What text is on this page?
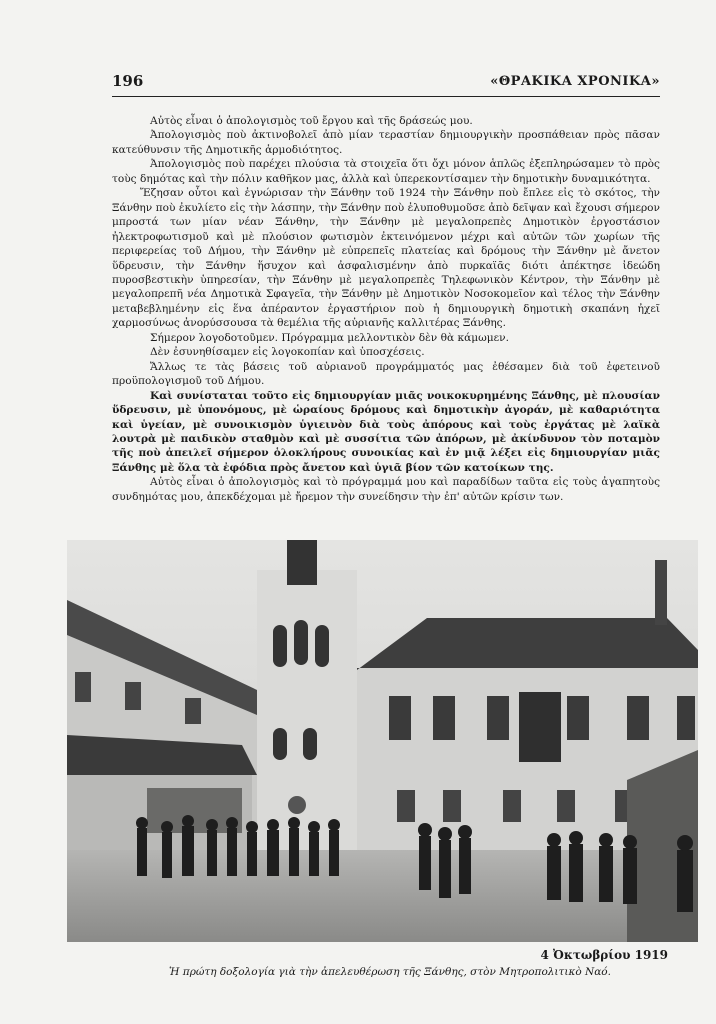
196	«ΘΡΑΚΙΚΑ ΧΡΟΝΙΚΑ»

Αὐτὸς εἶναι ὁ ἀπολογισμὸς τοῦ ἔργου καὶ τῆς δράσεώς μου.

Ἀπολογισμὸς ποὺ ἀκτινοβολεῖ ἀπὸ μίαν τεραστίαν δημιουργικὴν προσπάθειαν πρὸς πᾶσαν κατεύθυνσιν τῆς Δημοτικῆς ἁρμοδιότητος.

Ἀπολογισμὸς ποὺ παρέχει πλούσια τὰ στοιχεῖα ὅτι ὄχι μόνον ἁπλῶς ἐξεπληρώσαμεν τὸ πρὸς τοὺς δημότας καὶ τὴν πόλιν καθῆκον μας, ἀλλὰ καὶ ὑπερεκοντίσαμεν τὴν δημοτικὴν δυναμικότητα.

Ἔζησαν οὗτοι καὶ ἐγνώρισαν τὴν Ξάνθην τοῦ 1924 τὴν Ξάνθην ποὺ ἔπλεε εἰς τὸ σκότος, τὴν Ξάνθην ποὺ ἐκυλίετο εἰς τὴν λάσπην, τὴν Ξάνθην ποὺ ἐλυποθυμοῦσε ἀπὸ δεῖψαν καὶ ἔχουσι σήμερον μπροστά των μίαν νέαν Ξάνθην, τὴν Ξάνθην μὲ μεγαλοπρεπὲς Δημοτικὸν ἐργοστάσιον ἠλεκτροφωτισμοῦ καὶ μὲ πλούσιον φωτισμὸν ἐκτεινόμενον μέχρι καὶ αὐτῶν τῶν χωρίων τῆς περιφερείας τοῦ Δήμου, τὴν Ξάνθην μὲ εὐπρεπεῖς πλατείας καὶ δρόμους τὴν Ξάνθην μὲ ἄνετον ὕδρευσιν, τὴν Ξάνθην ἥσυχον καὶ ἀσφαλισμένην ἀπὸ πυρκαϊᾶς διότι ἀπέκτησε ἰδεώδη πυροσβεστικὴν ὑπηρεσίαν, τὴν Ξάνθην μὲ μεγαλοπρεπὲς Τηλεφωνικὸν Κέντρον, τὴν Ξάνθην μὲ μεγαλοπρεπῆ νέα Δημοτικὰ Σφαγεῖα, τὴν Ξάνθην μὲ Δημοτικὸν Νοσοκομεῖον καὶ τέλος τὴν Ξάνθην μεταβεβλημένην εἰς ἕνα ἀπέραντον ἐργαστήριον ποὺ ἡ δημιουργικὴ δημοτικὴ σκαπάνη ἠχεῖ χαρμοσύνως ἀνορύσσουσα τὰ θεμέλια τῆς αὐριανῆς καλλιτέρας Ξάνθης.

Σήμερον λογοδοτοῦμεν. Πρόγραμμα μελλοντικὸν δὲν θὰ κάμωμεν.

Δὲν ἐσυνηθίσαμεν εἰς λογοκοπίαν καὶ ὑποσχέσεις.

Ἄλλως τε τὰς βάσεις τοῦ αὐριανοῦ προγράμματός μας ἐθέσαμεν διὰ τοῦ ἐφετεινοῦ προϋπολογισμοῦ τοῦ Δήμου.

Καὶ συνίσταται τοῦτο εἰς δημιουργίαν μιᾶς νοικοκυρημένης Ξάνθης, μὲ πλουσίαν ὕδρευσιν, μὲ ὑπονόμους, μὲ ὡραίους δρόμους καὶ δημοτικὴν ἀγοράν, μὲ καθαριότητα καὶ ὑγείαν, μὲ συνοικισμὸν ὑγιεινὸν διὰ τοὺς ἀπόρους καὶ τοὺς ἐργάτας μὲ λαϊκὰ λουτρὰ μὲ παιδικὸν σταθμὸν καὶ μὲ συσσίτια τῶν ἀπόρων, μὲ ἀκίνδυνον τὸν ποταμὸν τῆς ποὺ ἀπειλεῖ σήμερον ὁλοκλήρους συνοικίας καὶ ἐν μιᾷ λέξει εἰς δημιουργίαν μιᾶς Ξάνθης μὲ ὅλα τὰ ἐφόδια πρὸς ἄνετον καὶ ὑγιᾶ βίον τῶν κατοίκων της.

Αὐτὸς εἶναι ὁ ἀπολογισμὸς καὶ τὸ πρόγραμμά μου καὶ παραδίδων ταῦτα εἰς τοὺς ἀγαπητοὺς συνδημότας μου, ἀπεκδέχομαι μὲ ἤρεμον τὴν συνείδησιν τὴν ἐπ' αὐτῶν κρίσιν των.

4 Ὀκτωβρίου 1919
Ἡ πρώτη δοξολογία γιὰ τὴν ἀπελευθέρωση τῆς Ξάνθης, στὸν Μητροπολιτικὸ Ναό.
